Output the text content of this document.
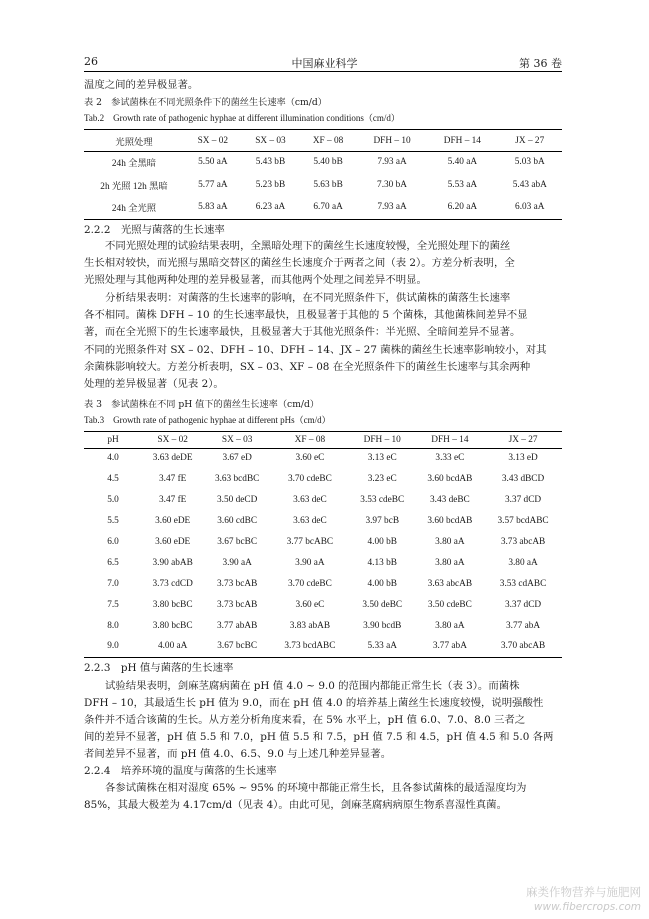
26	中国麻业科学	第 36 卷
温度之间的差异极显著。
表 2　参试菌株在不同光照条件下的菌丝生长速率（cm/d）
Tab.2　Growth rate of pathogenic hyphae at different illumination conditions（cm/d）
光照处理	SX – 02	SX – 03	XF – 08	DFH – 10	DFH – 14	JX – 27
24h 全黑暗	5.50 aA	5.43 bB	5.40 bB	7.93 aA	5.40 aA	5.03 bA
2h 光照 12h 黑暗	5.77 aA	5.23 bB	5.63 bB	7.30 bA	5.53 aA	5.43 abA
24h 全光照	5.83 aA	6.23 aA	6.70 aA	7.93 aA	6.20 aA	6.03 aA
2.2.2　光照与菌落的生长速率
不同光照处理的试验结果表明，全黑暗处理下的菌丝生长速度较慢，全光照处理下的菌丝
生长相对较快，而光照与黑暗交替区的菌丝生长速度介于两者之间（表 2）。方差分析表明，全
光照处理与其他两种处理的差异极显著，而其他两个处理之间差异不明显。
分析结果表明：对菌落的生长速率的影响，在不同光照条件下，供试菌株的菌落生长速率
各不相同。菌株 DFH – 10 的生长速率最快，且极显著于其他的 5 个菌株，其他菌株间差异不显
著，而在全光照下的生长速率最快，且极显著大于其他光照条件：半光照、全暗间差异不显著。
不同的光照条件对 SX – 02、DFH – 10、DFH – 14、JX – 27 菌株的菌丝生长速率影响较小，对其
余菌株影响较大。方差分析表明，SX – 03、XF – 08 在全光照条件下的菌丝生长速率与其余两种
处理的差异极显著（见表 2）。
表 3　参试菌株在不同 pH 值下的菌丝生长速率（cm/d）
Tab.3　Growth rate of pathogenic hyphae at different pHs（cm/d）
pH	SX – 02	SX – 03	XF – 08	DFH – 10	DFH – 14	JX – 27
4.0	3.63 deDE	3.67 eD	3.60 eC	3.13 eC	3.33 eC	3.13 eD
4.5	3.47 fE	3.63 bcdBC	3.70 cdeBC	3.23 eC	3.60 bcdAB	3.43 dBCD
5.0	3.47 fE	3.50 deCD	3.63 deC	3.53 cdeBC	3.43 deBC	3.37 dCD
5.5	3.60 eDE	3.60 cdBC	3.63 deC	3.97 bcB	3.60 bcdAB	3.57 bcdABC
6.0	3.60 eDE	3.67 bcBC	3.77 bcABC	4.00 bB	3.80 aA	3.73 abcAB
6.5	3.90 abAB	3.90 aA	3.90 aA	4.13 bB	3.80 aA	3.80 aA
7.0	3.73 cdCD	3.73 bcAB	3.70 cdeBC	4.00 bB	3.63 abcAB	3.53 cdABC
7.5	3.80 bcBC	3.73 bcAB	3.60 eC	3.50 deBC	3.50 cdeBC	3.37 dCD
8.0	3.80 bcBC	3.77 abAB	3.83 abAB	3.90 bcdB	3.80 aA	3.77 abA
9.0	4.00 aA	3.67 bcBC	3.73 bcdABC	5.33 aA	3.77 abA	3.70 abcAB
2.2.3　pH 值与菌落的生长速率
试验结果表明，剑麻茎腐病菌在 pH 值 4.0 ~ 9.0 的范围内都能正常生长（表 3）。而菌株
DFH – 10，其最适生长 pH 值为 9.0，而在 pH 值 4.0 的培养基上菌丝生长速度较慢，说明强酸性
条件并不适合该菌的生长。从方差分析角度来看，在 5% 水平上，pH 值 6.0、7.0、8.0 三者之
间的差异不显著，pH 值 5.5 和 7.0，pH 值 5.5 和 7.5，pH 值 7.5 和 4.5，pH 值 4.5 和 5.0 各两
者间差异不显著，而 pH 值 4.0、6.5、9.0 与上述几种差异显著。
2.2.4　培养环境的温度与菌落的生长速率
各参试菌株在相对湿度 65% ~ 95% 的环境中都能正常生长，且各参试菌株的最适湿度均为
85%，其最大极差为 4.17cm/d（见表 4）。由此可见，剑麻茎腐病病原生物系喜湿性真菌。
麻类作物营养与施肥网
www.fibercrops.com
